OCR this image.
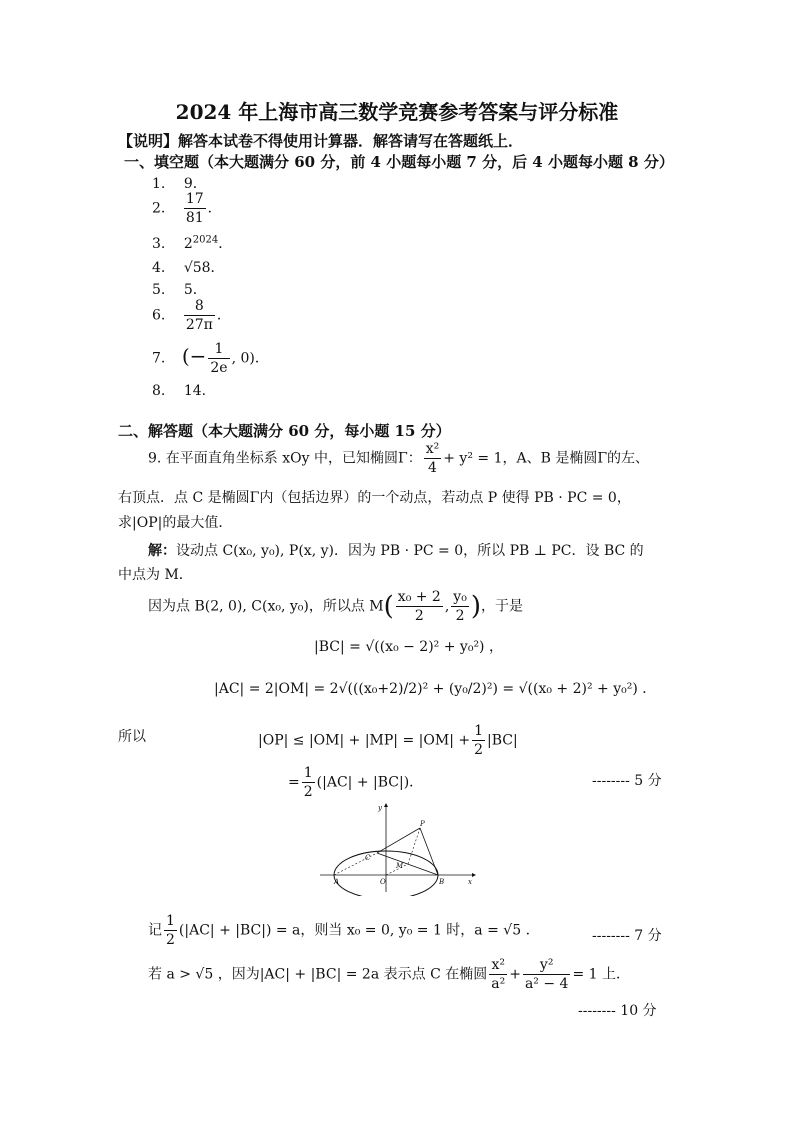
2024 年上海市高三数学竞赛参考答案与评分标准
【说明】解答本试卷不得使用计算器．解答请写在答题纸上．
一、填空题（本大题满分 60 分，前 4 小题每小题 7 分，后 4 小题每小题 8 分）
1. 9．
2. $\frac{17}{81}$ ．
3. $2^{2024}$．
4. √58．
5. 5．
6. $\frac{8}{27\pi}$ ．
7. (− $\frac{1}{2e}$ , 0)．
8. 14.
二、解答题（本大题满分 60 分，每小题 15 分）
9. 在平面直角坐标系 xOy 中，已知椭圆Γ： $\frac{\text{x²}}{4} + y^2 = 1$，A、B 是椭圆Γ的左、
右顶点．点 C 是椭圆Γ内（包括边界）的一个动点，若动点 P 使得 PB · PC = 0，
求|OP|的最大值．
解：设动点 C(x₀, y₀), P(x, y)．因为 PB · PC = 0，所以 PB ⊥ PC．设 BC 的
中点为 M．
因为点 B(2, 0), C(x₀, y₀)，所以点 $M( \frac{\text{x₀ + 2}}{2}$ , $\frac{\text{y₀}}{2}$ )，于是
|BC| = √((x₀ − 2)² + y₀²) ，
|AC| = 2|OM| = 2√(((x₀+2)/2)² + (y₀/2)²) = √((x₀ + 2)² + y₀²) ．
所以	$|OP| \le |OM| + |MP| = |OM| + \frac{1}{2} |BC|$
= $\frac{1}{2} (|AC| + |BC|)$．	-------- 5 分
y
P
C
M
A	O	B	x
记 $\frac{1}{2} (|AC| + |BC|) = a$，则当 x₀ = 0, y₀ = 1 时，a = √5 .	-------- 7 分
若 a > √5 ，因为|AC| + |BC| = 2a 表示点 C 在椭圆 $\frac{\text{x²}}{\text{a²}} + \frac{\text{y²}}{\text{a² − 4}} = 1$ 上．
-------- 10 分
